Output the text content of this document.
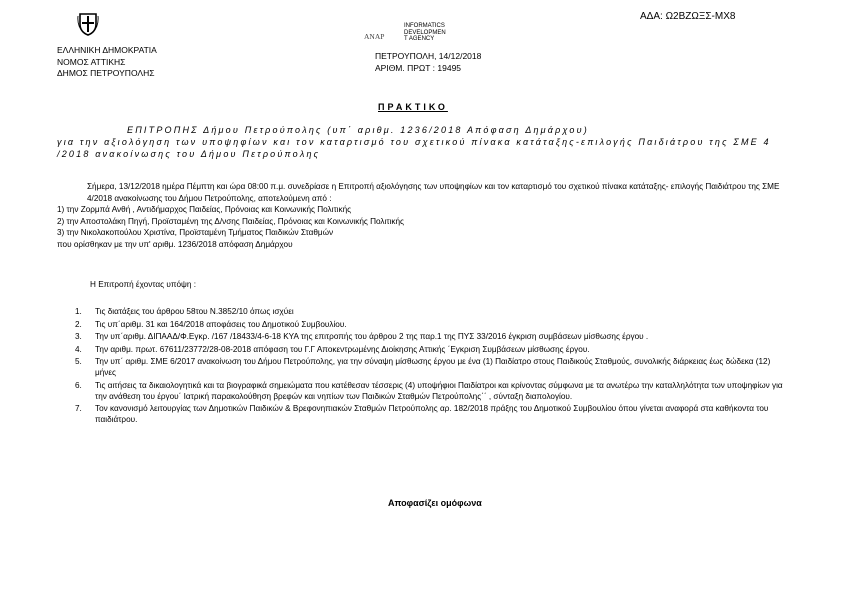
ΑΔΑ: Ω2ΒΖΩΞΣ-ΜΧ8
ΕΛΛΗΝΙΚΗ ΔΗΜΟΚΡΑΤΙΑ
ΝΟΜΟΣ ΑΤΤΙΚΗΣ
ΔΗΜΟΣ ΠΕΤΡΟΥΠΟΛΗΣ
ΑΝΑΡ
INFORMATICS
DEVELOPMEN
T AGENCY
ΠΕΤΡΟΥΠΟΛΗ, 14/12/2018
ΑΡΙΘΜ. ΠΡΩΤ : 19495
ΠΡΑΚΤΙΚΟ
ΕΠΙΤΡΟΠΗΣ Δήμου Πετρούπολης (υπ΄ αριθμ. 1236/2018 Απόφαση Δημάρχου)
για την αξιολόγηση των υποψηφίων και τον καταρτισμό του σχετικού πίνακα κατάταξης-επιλογής Παιδιάτρου της ΣΜΕ 4 /2018 ανακοίνωσης του Δήμου Πετρούπολης
Σήμερα, 13/12/2018 ημέρα Πέμπτη και ώρα 08:00 π.μ. συνεδρίασε η Επιτροπή αξιολόγησης των υποψηφίων και τον καταρτισμό του σχετικού πίνακα κατάταξης- επιλογής Παιδιάτρου της ΣΜΕ 4/2018 ανακοίνωσης του Δήμου Πετρούπολης, αποτελούμενη από :
1) την Ζορμπά Ανθή , Αντιδήμαρχος Παιδείας, Πρόνοιας και Κοινωνικής Πολιτικής
2) την Αποστολάκη Πηγή, Προϊσταμένη της Δ/νσης Παιδείας, Πρόνοιας και Κοινωνικής Πολιτικής
3) την Νικολακοπούλου Χριστίνα, Προϊσταμένη Τμήματος Παιδικών Σταθμών
που ορίσθηκαν με την υπ' αριθμ. 1236/2018 απόφαση Δημάρχου
Η Επιτροπή έχοντας υπόψη :
1. Τις διατάξεις του άρθρου 58του Ν.3852/10 όπως ισχύει
2. Τις υπ΄αριθμ. 31 και 164/2018 αποφάσεις του Δημοτικού Συμβουλίου.
3. Την υπ΄αριθμ. ΔΙΠΑΑΔ/Φ.Εγκρ. /167 /18433/4-6-18 ΚΥΑ της επιτροπής του άρθρου 2 της παρ.1 της ΠΥΣ 33/2016 έγκριση συμβάσεων μίσθωσης έργου .
4. Την αριθμ. πρωτ. 67611/23772/28-08-2018 απόφαση του Γ.Γ Αποκεντρωμένης Διοίκησης Αττικής ΄Εγκριση Συμβάσεων μίσθωσης έργου.
5. Την υπ΄ αριθμ. ΣΜΕ 6/2017 ανακοίνωση του Δήμου Πετρούπολης, για την σύναψη μίσθωσης έργου με ένα (1) Παιδίατρο στους Παιδικούς Σταθμούς, συνολικής διάρκειας έως δώδεκα (12) μήνες
6. Τις αιτήσεις τα δικαιολογητικά και τα βιογραφικά σημειώματα που κατέθεσαν τέσσερις (4) υποψήφιοι Παιδίατροι και κρίνοντας σύμφωνα με τα ανωτέρω την καταλληλότητα των υποψηφίων για την ανάθεση του έργου΄ Ιατρική παρακολούθηση βρεφών και νηπίων των Παιδικών Σταθμών Πετρούπολης΄΄ , σύνταξη διαπολογίου.
7. Τον κανονισμό λειτουργίας των Δημοτικών Παιδικών & Βρεφονηπιακών Σταθμών Πετρούπολης αρ. 182/2018 πράξης του Δημοτικού Συμβουλίου όπου γίνεται αναφορά στα καθήκοντα του παιδιάτρου.
Αποφασίζει ομόφωνα
